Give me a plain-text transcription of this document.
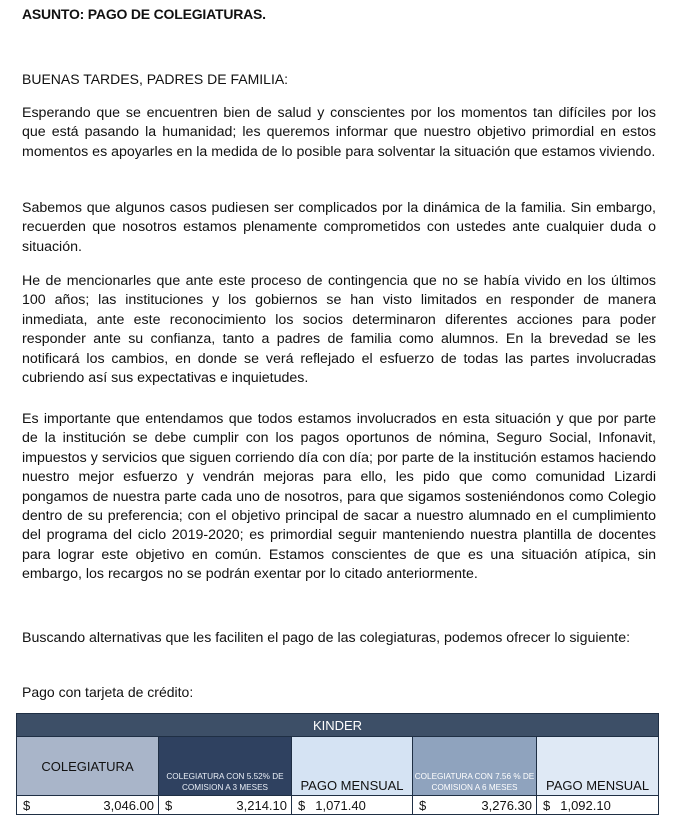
ASUNTO: PAGO DE COLEGIATURAS.
BUENAS TARDES, PADRES DE FAMILIA:

Esperando que se encuentren bien de salud y conscientes por los momentos tan difíciles por los que está pasando la humanidad; les queremos informar que nuestro objetivo primordial en estos momentos es apoyarles en la medida de lo posible para solventar la situación que estamos viviendo.

Sabemos que algunos casos pudiesen ser complicados por la dinámica de la familia. Sin embargo, recuerden que nosotros estamos plenamente comprometidos con ustedes ante cualquier duda o situación.

He de mencionarles que ante este proceso de contingencia que no se había vivido en los últimos 100 años; las instituciones y los gobiernos se han visto limitados en responder de manera inmediata, ante este reconocimiento los socios determinaron diferentes acciones para poder responder ante su confianza, tanto a padres de familia como alumnos. En la brevedad se les notificará los cambios, en donde se verá reflejado el esfuerzo de todas las partes involucradas cubriendo así sus expectativas e inquietudes.

Es importante que entendamos que todos estamos involucrados en esta situación y que por parte de la institución se debe cumplir con los pagos oportunos de nómina, Seguro Social, Infonavit, impuestos y servicios que siguen corriendo día con día; por parte de la institución estamos haciendo nuestro mejor esfuerzo y vendrán mejoras para ello, les pido que como comunidad Lizardi pongamos de nuestra parte cada uno de nosotros, para que sigamos sosteniéndonos como Colegio dentro de su preferencia; con el objetivo principal de sacar a nuestro alumnado en el cumplimiento del programa del ciclo 2019-2020; es primordial seguir manteniendo nuestra plantilla de docentes para lograr este objetivo en común. Estamos conscientes de que es una situación atípica, sin embargo, los recargos no se podrán exentar por lo citado anteriormente.

Buscando alternativas que les faciliten el pago de las colegiaturas, podemos ofrecer lo siguiente:

Pago con tarjeta de crédito:
KINDER				
COLEGIATURA	COLEGIATURA CON 5.52% DE COMISION A 3 MESES	PAGO MENSUAL	COLEGIATURA CON 7.56 % DE COMISION A 6 MESES	PAGO MENSUAL

$ 3,046.00	$ 3,214.10	$ 1,071.40	$ 3,276.30	$ 1,092.10
